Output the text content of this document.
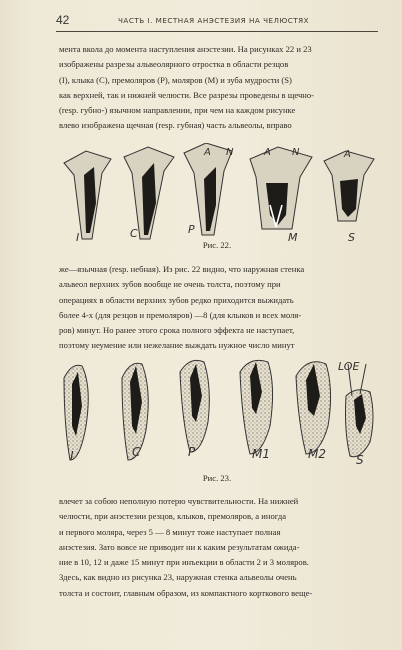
42	ЧАСТЬ I. МЕСТНАЯ АНЭСТЕЗИЯ НА ЧЕЛЮСТЯХ
мента вкола до момента наступления анэстезии. На рисунках 22 и 23
изображены разрезы альвеолярного отростка в области резцов
(I), клыка (C), премоляров (P), моляров (M) и зуба мудрости (S)
как верхней, так и нижней челюсти. Все разрезы проведены в щечно-
(resp. губно-) язычном направлении, при чем на каждом рисунке
влево изображена щечная (resp. губная) часть альвеолы, вправо
I	C
A N
P
A N
M
A
S
Рис. 22.
же—язычная (resp. небная). Из рис. 22 видно, что наружная стенка
альвеол верхних зубов вообще не очень толста, поэтому при
операциях в области верхних зубов редко приходится выжидать
более 4-х (для резцов и премоляров) —8 (для клыков и всех моля-
ров) минут. Но ранее этого срока полного эффекта не наступает,
поэтому неумение или нежелание выждать нужное число минут
I	C	P	M1	M2
LOE
S
Рис. 23.
влечет за собою неполную потерю чувствительности. На нижней
челюсти, при анэстезии резцов, клыков, премоляров, а иногда
и первого моляра, через 5 — 8 минут тоже наступает полная
анэстезия. Зато вовсе не приводит ни к каким результатам ожида-
ние в 10, 12 и даже 15 минут при инъекции в области 2 и 3 моляров.
Здесь, как видно из рисунка 23, наружная стенка альвеолы очень
толста и состоит, главным образом, из компактного корткового веще-
